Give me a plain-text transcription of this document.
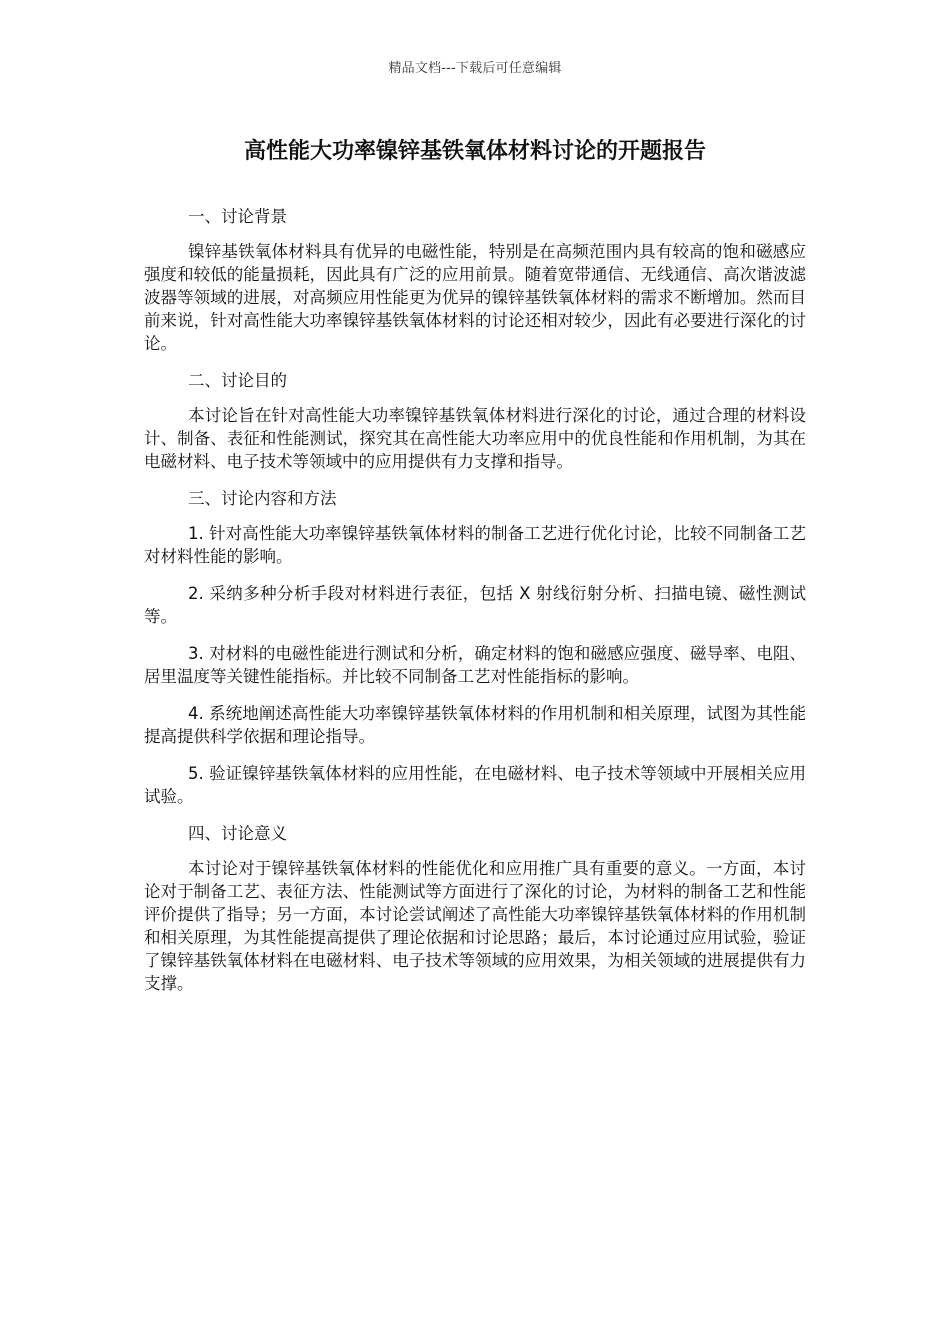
精品文档---下载后可任意编辑
高性能大功率镍锌基铁氧体材料讨论的开题报告

一、讨论背景

镍锌基铁氧体材料具有优异的电磁性能，特别是在高频范围内具有较高的饱和磁感应强度和较低的能量损耗，因此具有广泛的应用前景。随着宽带通信、无线通信、高次谐波滤波器等领域的进展，对高频应用性能更为优异的镍锌基铁氧体材料的需求不断增加。然而目前来说，针对高性能大功率镍锌基铁氧体材料的讨论还相对较少，因此有必要进行深化的讨论。

二、讨论目的

本讨论旨在针对高性能大功率镍锌基铁氧体材料进行深化的讨论，通过合理的材料设计、制备、表征和性能测试，探究其在高性能大功率应用中的优良性能和作用机制，为其在电磁材料、电子技术等领域中的应用提供有力支撑和指导。

三、讨论内容和方法

1. 针对高性能大功率镍锌基铁氧体材料的制备工艺进行优化讨论，比较不同制备工艺对材料性能的影响。

2. 采纳多种分析手段对材料进行表征，包括 X 射线衍射分析、扫描电镜、磁性测试等。

3. 对材料的电磁性能进行测试和分析，确定材料的饱和磁感应强度、磁导率、电阻、居里温度等关键性能指标。并比较不同制备工艺对性能指标的影响。

4. 系统地阐述高性能大功率镍锌基铁氧体材料的作用机制和相关原理，试图为其性能提高提供科学依据和理论指导。

5. 验证镍锌基铁氧体材料的应用性能，在电磁材料、电子技术等领域中开展相关应用试验。

四、讨论意义

本讨论对于镍锌基铁氧体材料的性能优化和应用推广具有重要的意义。一方面，本讨论对于制备工艺、表征方法、性能测试等方面进行了深化的讨论，为材料的制备工艺和性能评价提供了指导；另一方面，本讨论尝试阐述了高性能大功率镍锌基铁氧体材料的作用机制和相关原理，为其性能提高提供了理论依据和讨论思路；最后，本讨论通过应用试验，验证了镍锌基铁氧体材料在电磁材料、电子技术等领域的应用效果，为相关领域的进展提供有力支撑。
